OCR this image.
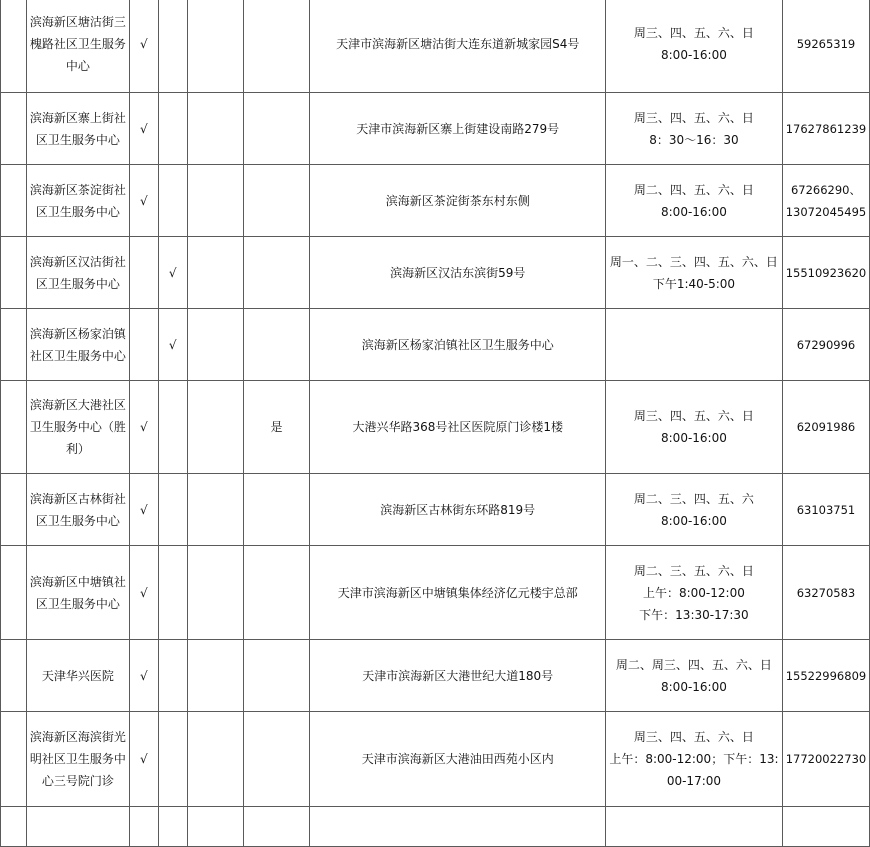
	滨海新区塘沽街三槐路社区卫生服务中心	√				天津市滨海新区塘沽街大连东道新城家园S4号	周三、四、五、六、日
8:00-16:00	59265319

	滨海新区寨上街社区卫生服务中心	√				天津市滨海新区寨上街建设南路279号	周三、四、五、六、日
8：30～16：30	17627861239

	滨海新区茶淀街社区卫生服务中心	√				滨海新区茶淀街茶东村东侧	周二、四、五、六、日
8:00-16:00	67266290、
13072045495

	滨海新区汉沽街社区卫生服务中心		√			滨海新区汉沽东滨街59号	周一、二、三、四、五、六、日
下午1:40-5:00	15510923620

	滨海新区杨家泊镇社区卫生服务中心		√			滨海新区杨家泊镇社区卫生服务中心		67290996

	滨海新区大港社区卫生服务中心（胜利）	√			是	大港兴华路368号社区医院原门诊楼1楼	周三、四、五、六、日
8:00-16:00	62091986

	滨海新区古林街社区卫生服务中心	√				滨海新区古林街东环路819号	周二、三、四、五、六
8:00-16:00	63103751

	滨海新区中塘镇社区卫生服务中心	√				天津市滨海新区中塘镇集体经济亿元楼宇总部	周二、三、五、六、日
上午：8:00-12:00
下午：13:30-17:30	63270583

	天津华兴医院	√				天津市滨海新区大港世纪大道180号	周二、周三、四、五、六、日
8:00-16:00	15522996809

	滨海新区海滨街光明社区卫生服务中心三号院门诊	√				天津市滨海新区大港油田西苑小区内	周三、四、五、六、日
上午：8:00-12:00；下午：13:00-17:00	17720022730
